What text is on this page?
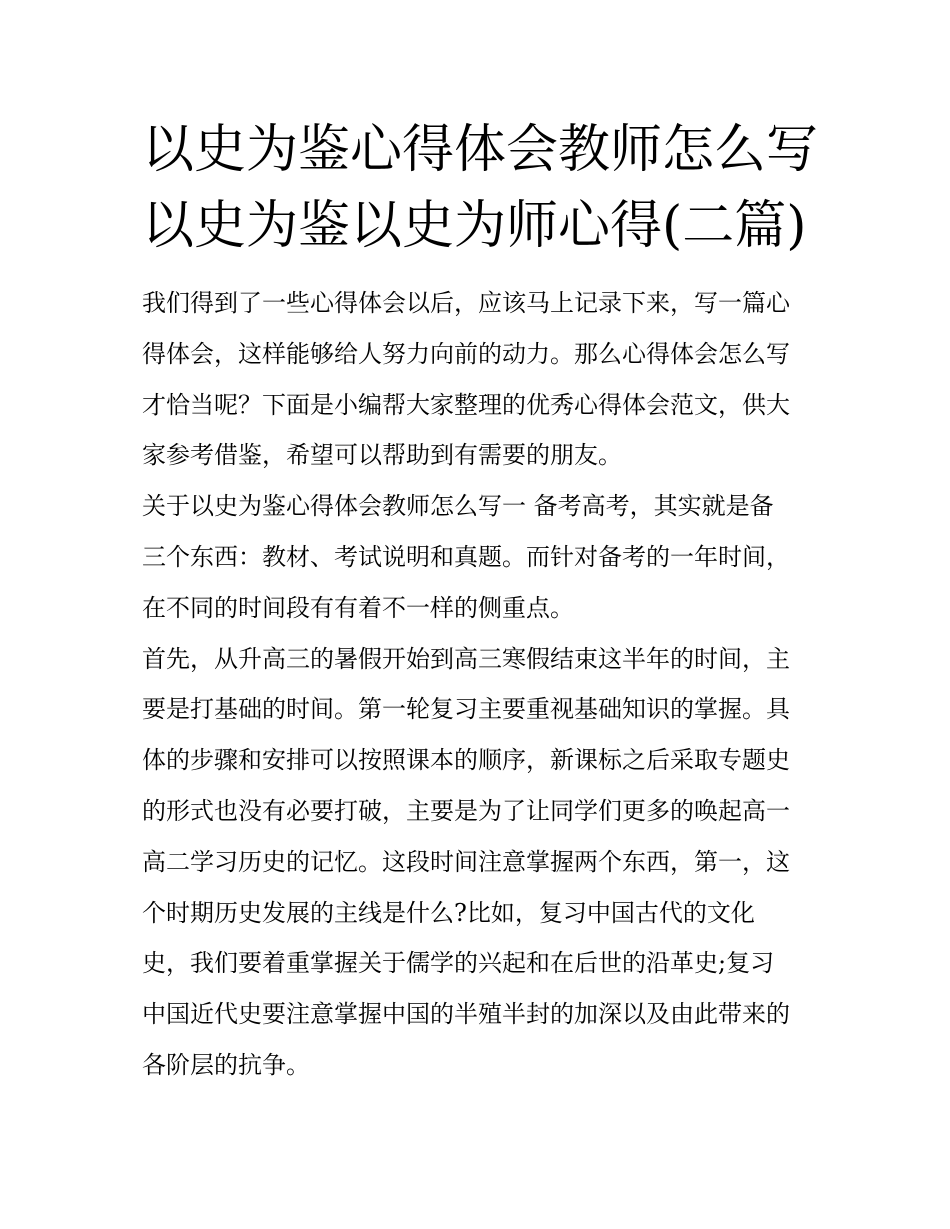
以史为鉴心得体会教师怎么写
以史为鉴以史为师心得(二篇)

我们得到了一些心得体会以后，应该马上记录下来，写一篇心
得体会，这样能够给人努力向前的动力。那么心得体会怎么写
才恰当呢？下面是小编帮大家整理的优秀心得体会范文，供大
家参考借鉴，希望可以帮助到有需要的朋友。

关于以史为鉴心得体会教师怎么写一 备考高考，其实就是备
三个东西：教材、考试说明和真题。而针对备考的一年时间，
在不同的时间段有有着不一样的侧重点。

首先，从升高三的暑假开始到高三寒假结束这半年的时间，主
要是打基础的时间。第一轮复习主要重视基础知识的掌握。具
体的步骤和安排可以按照课本的顺序，新课标之后采取专题史
的形式也没有必要打破，主要是为了让同学们更多的唤起高一
高二学习历史的记忆。这段时间注意掌握两个东西，第一，这
个时期历史发展的主线是什么?比如，复习中国古代的文化
史，我们要着重掌握关于儒学的兴起和在后世的沿革史;复习
中国近代史要注意掌握中国的半殖半封的加深以及由此带来的
各阶层的抗争。
